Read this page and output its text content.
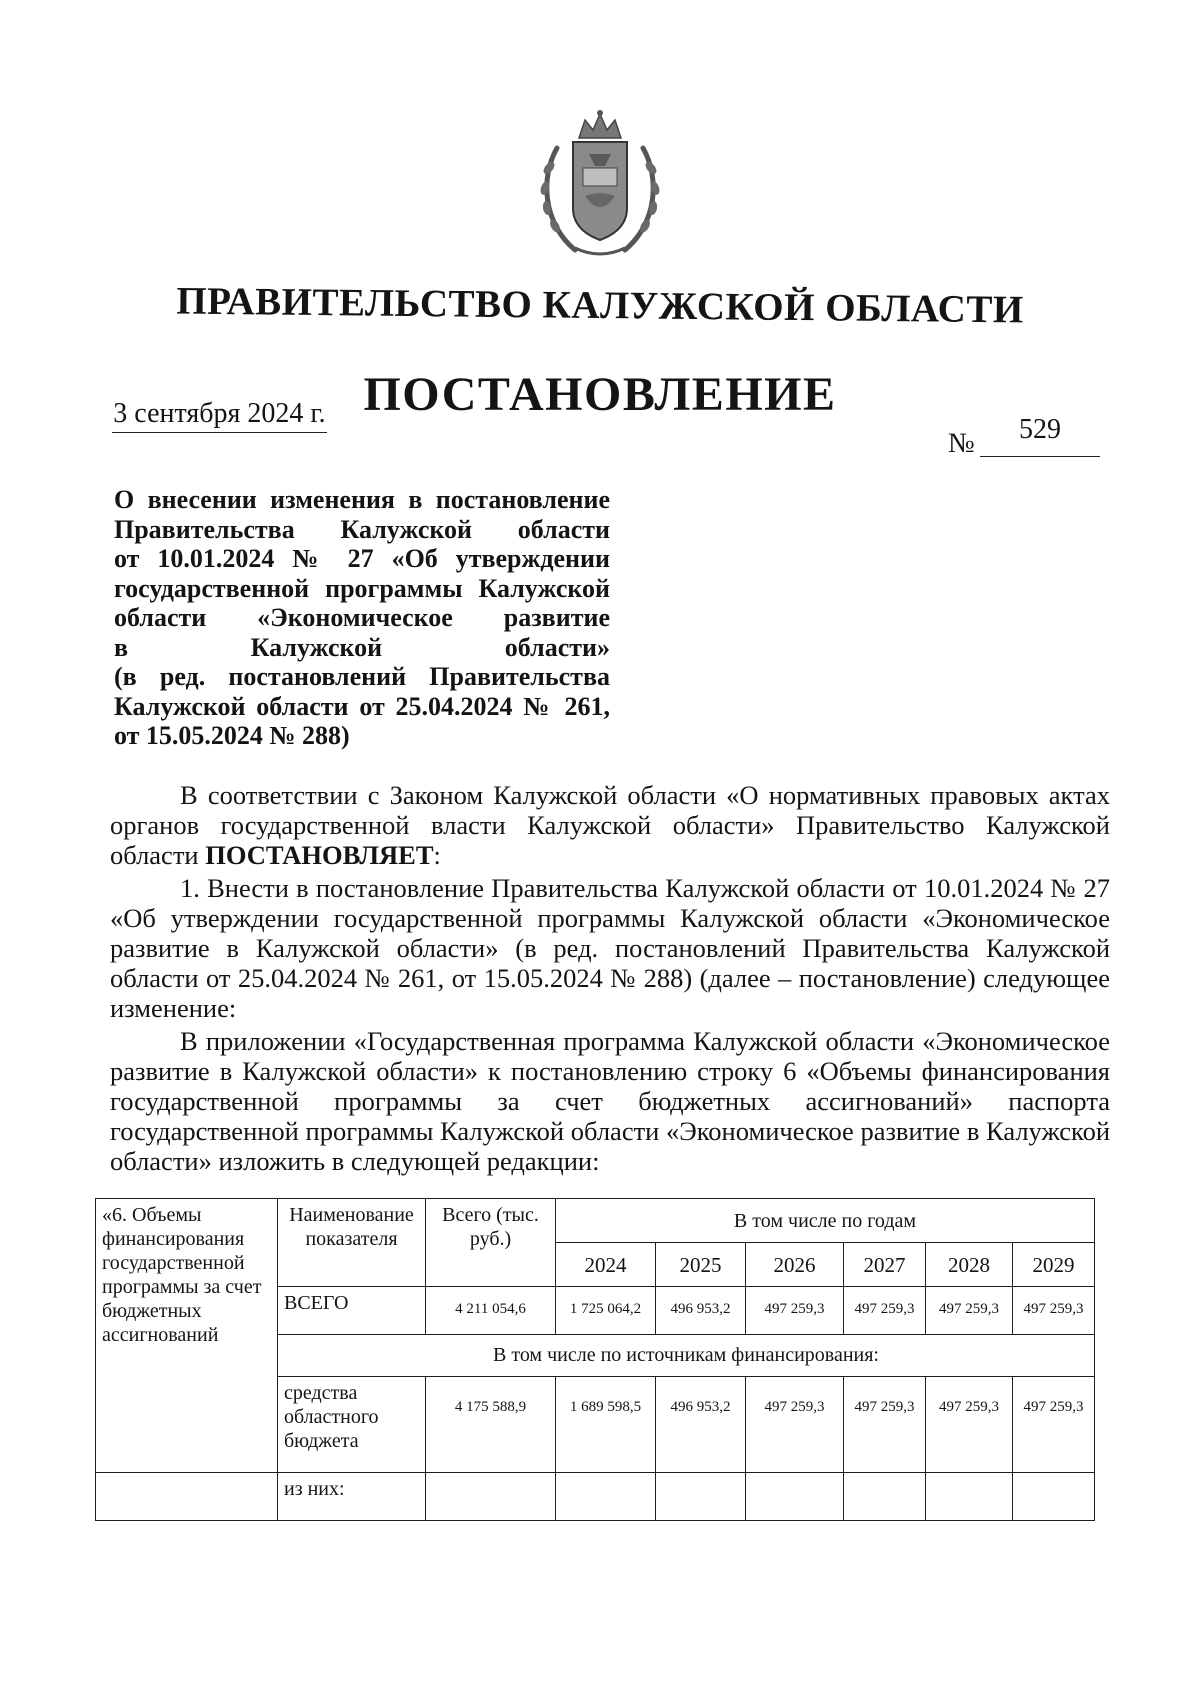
ПРАВИТЕЛЬСТВО КАЛУЖСКОЙ ОБЛАСТИ
ПОСТАНОВЛЕНИЕ
3 сентября 2024 г.
№	529
О внесении изменения в постановление
Правительства Калужской области
от 10.01.2024 № 27 «Об утверждении
государственной программы Калужской
области «Экономическое развитие
в Калужской области»
(в ред. постановлений Правительства
Калужской области от 25.04.2024 № 261,
от 15.05.2024 № 288)

В соответствии с Законом Калужской области «О нормативных правовых актах органов государственной власти Калужской области» Правительство Калужской области ПОСТАНОВЛЯЕТ:

1. Внести в постановление Правительства Калужской области от 10.01.2024 № 27 «Об утверждении государственной программы Калужской области «Экономическое развитие в Калужской области» (в ред. постановлений Правительства Калужской области от 25.04.2024 № 261, от 15.05.2024 № 288) (далее – постановление) следующее изменение:

В приложении «Государственная программа Калужской области «Экономическое развитие в Калужской области» к постановлению строку 6 «Объемы финансирования государственной программы за счет бюджетных ассигнований» паспорта государственной программы Калужской области «Экономическое развитие в Калужской области» изложить в следующей редакции:

«6. Объемы финансирования государственной программы за счет бюджетных ассигнований	Наименование показателя	Всего (тыс. руб.)	В том числе по годам					
			2024	2025	2026	2027	2028	2029
	ВСЕГО	4 211 054,6	1 725 064,2	496 953,2	497 259,3	497 259,3	497 259,3	497 259,3
	В том числе по источникам финансирования:							
	средства областного бюджета	4 175 588,9	1 689 598,5	496 953,2	497 259,3	497 259,3	497 259,3	497 259,3
	из них:							
